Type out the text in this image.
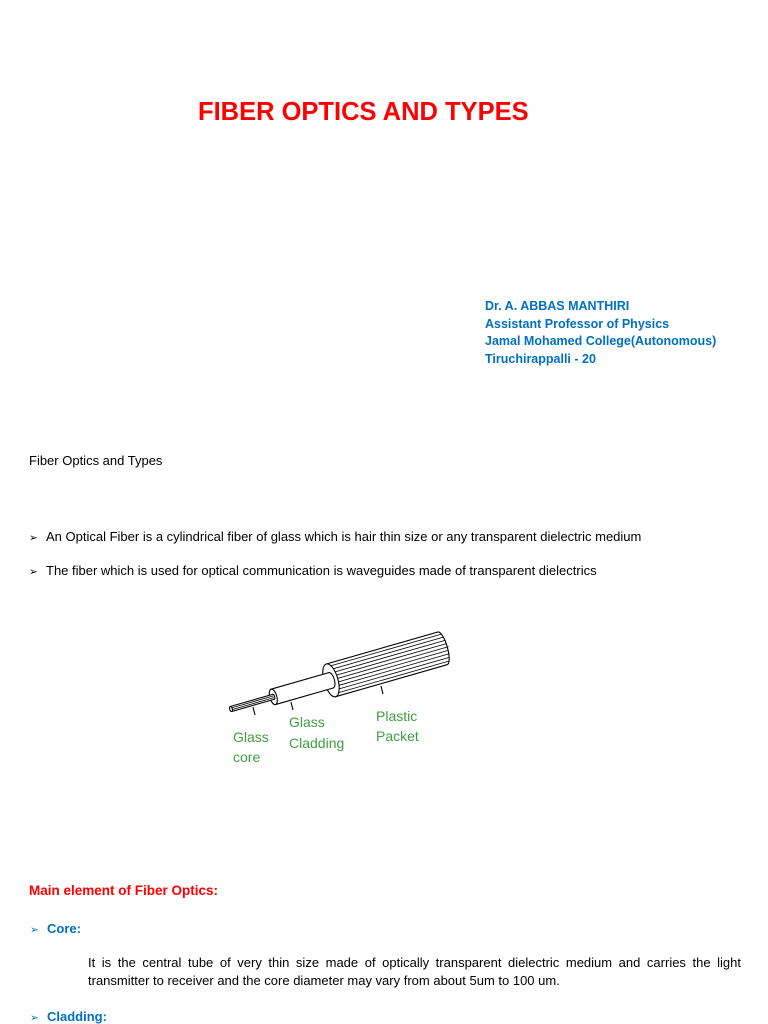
FIBER OPTICS AND TYPES
Dr. A. ABBAS MANTHIRI
Assistant Professor of Physics
Jamal Mohamed College(Autonomous)
Tiruchirappalli - 20
Fiber Optics and Types
➢ An Optical Fiber is a cylindrical fiber of glass which is hair thin size or any transparent dielectric medium
➢ The fiber which is used for optical communication is waveguides made of transparent dielectrics
Glass
core
Glass
Cladding
Plastic
Packet
Main element of Fiber Optics:
➢ Core:

It is the central tube of very thin size made of optically transparent dielectric medium and carries the light transmitter to receiver and the core diameter may vary from about 5um to 100 um.

➢ Cladding:
